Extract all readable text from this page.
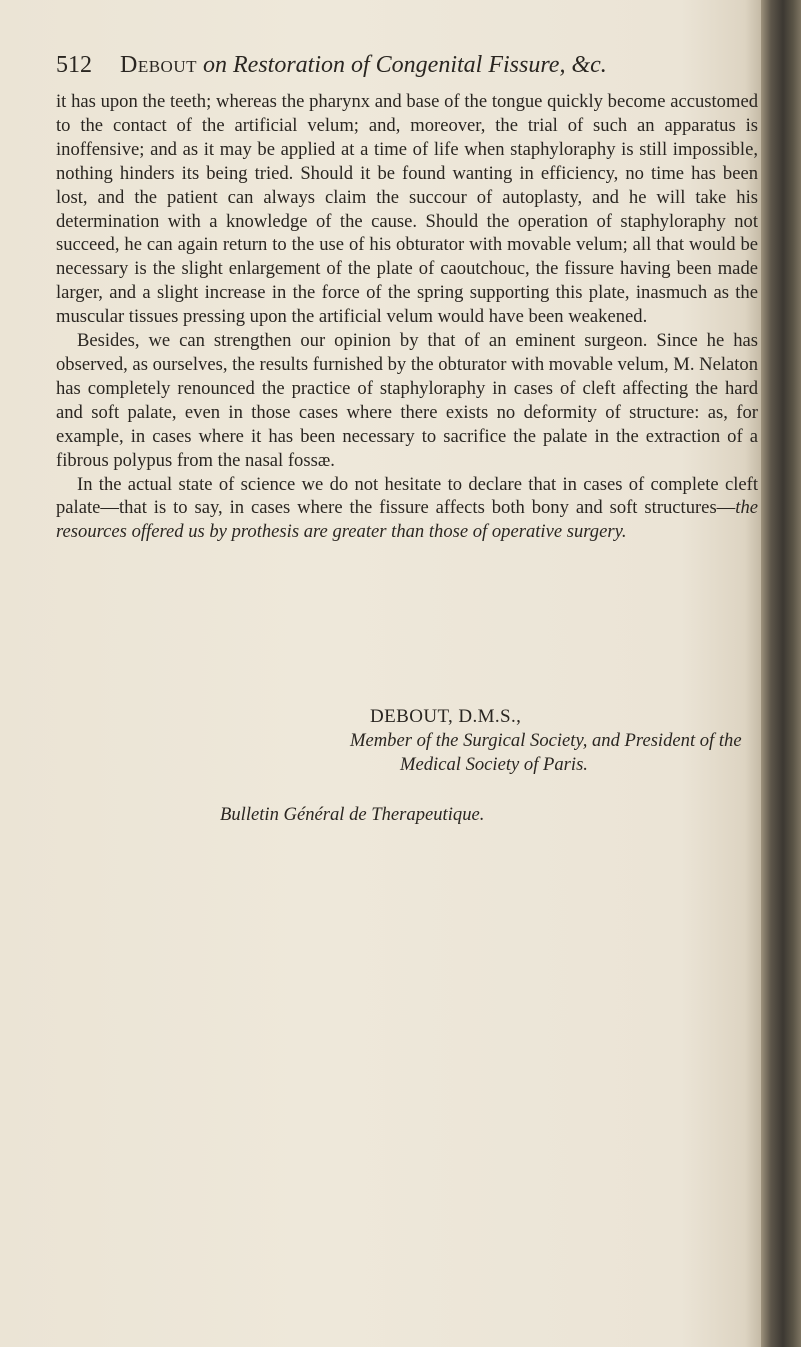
512 Debout on Restoration of Congenital Fissure, &c.

it has upon the teeth; whereas the pharynx and base of the tongue quickly become accustomed to the contact of the artificial velum; and, moreover, the trial of such an apparatus is inoffensive; and as it may be applied at a time of life when staphyloraphy is still impossible, nothing hinders its being tried. Should it be found wanting in efficiency, no time has been lost, and the patient can always claim the succour of autoplasty, and he will take his determination with a knowledge of the cause. Should the operation of staphyloraphy not succeed, he can again return to the use of his obturator with movable velum; all that would be necessary is the slight enlargement of the plate of caoutchouc, the fissure having been made larger, and a slight increase in the force of the spring supporting this plate, inasmuch as the muscular tissues pressing upon the artificial velum would have been weakened.

Besides, we can strengthen our opinion by that of an eminent surgeon. Since he has observed, as ourselves, the results furnished by the obturator with movable velum, M. Nelaton has completely renounced the practice of staphyloraphy in cases of cleft affecting the hard and soft palate, even in those cases where there exists no deformity of structure: as, for example, in cases where it has been necessary to sacrifice the palate in the extraction of a fibrous polypus from the nasal fossæ.

In the actual state of science we do not hesitate to declare that in cases of complete cleft palate—that is to say, in cases where the fissure affects both bony and soft structures—the resources offered us by prothesis are greater than those of operative surgery.

DEBOUT, D.M.S.,
Member of the Surgical Society, and President of the
Medical Society of Paris.
Bulletin Général de Therapeutique.
